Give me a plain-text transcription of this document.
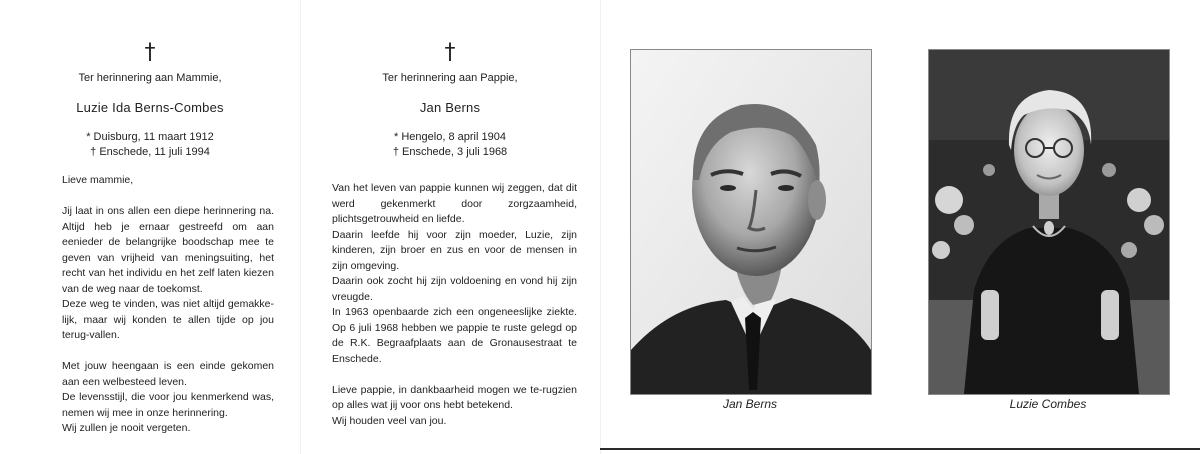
†
Ter herinnering aan Mammie,
Luzie Ida Berns-Combes
* Duisburg, 11 maart 1912
† Enschede, 11 juli 1994

Lieve mammie,

Jij laat in ons allen een diepe herinnering na. Altijd heb je ernaar gestreefd om aan eenieder de belangrijke boodschap mee te geven van vrijheid van meningsuiting, het recht van het individu en het zelf laten kiezen van de weg naar de toekomst.

Deze weg te vinden, was niet altijd gemakke-lijk, maar wij konden te allen tijde op jou terug-vallen.

Met jouw heengaan is een einde gekomen aan een welbesteed leven.

De levensstijl, die voor jou kenmerkend was, nemen wij mee in onze herinnering.

Wij zullen je nooit vergeten.

†
Ter herinnering aan Pappie,
Jan Berns
* Hengelo, 8 april 1904
† Enschede, 3 juli 1968

Van het leven van pappie kunnen wij zeggen, dat dit werd gekenmerkt door zorgzaamheid, plichtsgetrouwheid en liefde.

Daarin leefde hij voor zijn moeder, Luzie, zijn kinderen, zijn broer en zus en voor de mensen in zijn omgeving.

Daarin ook zocht hij zijn voldoening en vond hij zijn vreugde.

In 1963 openbaarde zich een ongeneeslijke ziekte. Op 6 juli 1968 hebben we pappie te ruste gelegd op de R.K. Begraafplaats aan de Gronausestraat te Enschede.

Lieve pappie, in dankbaarheid mogen we te-rugzien op alles wat jij voor ons hebt betekend.

Wij houden veel van jou.

Jan Berns	Luzie Combes
